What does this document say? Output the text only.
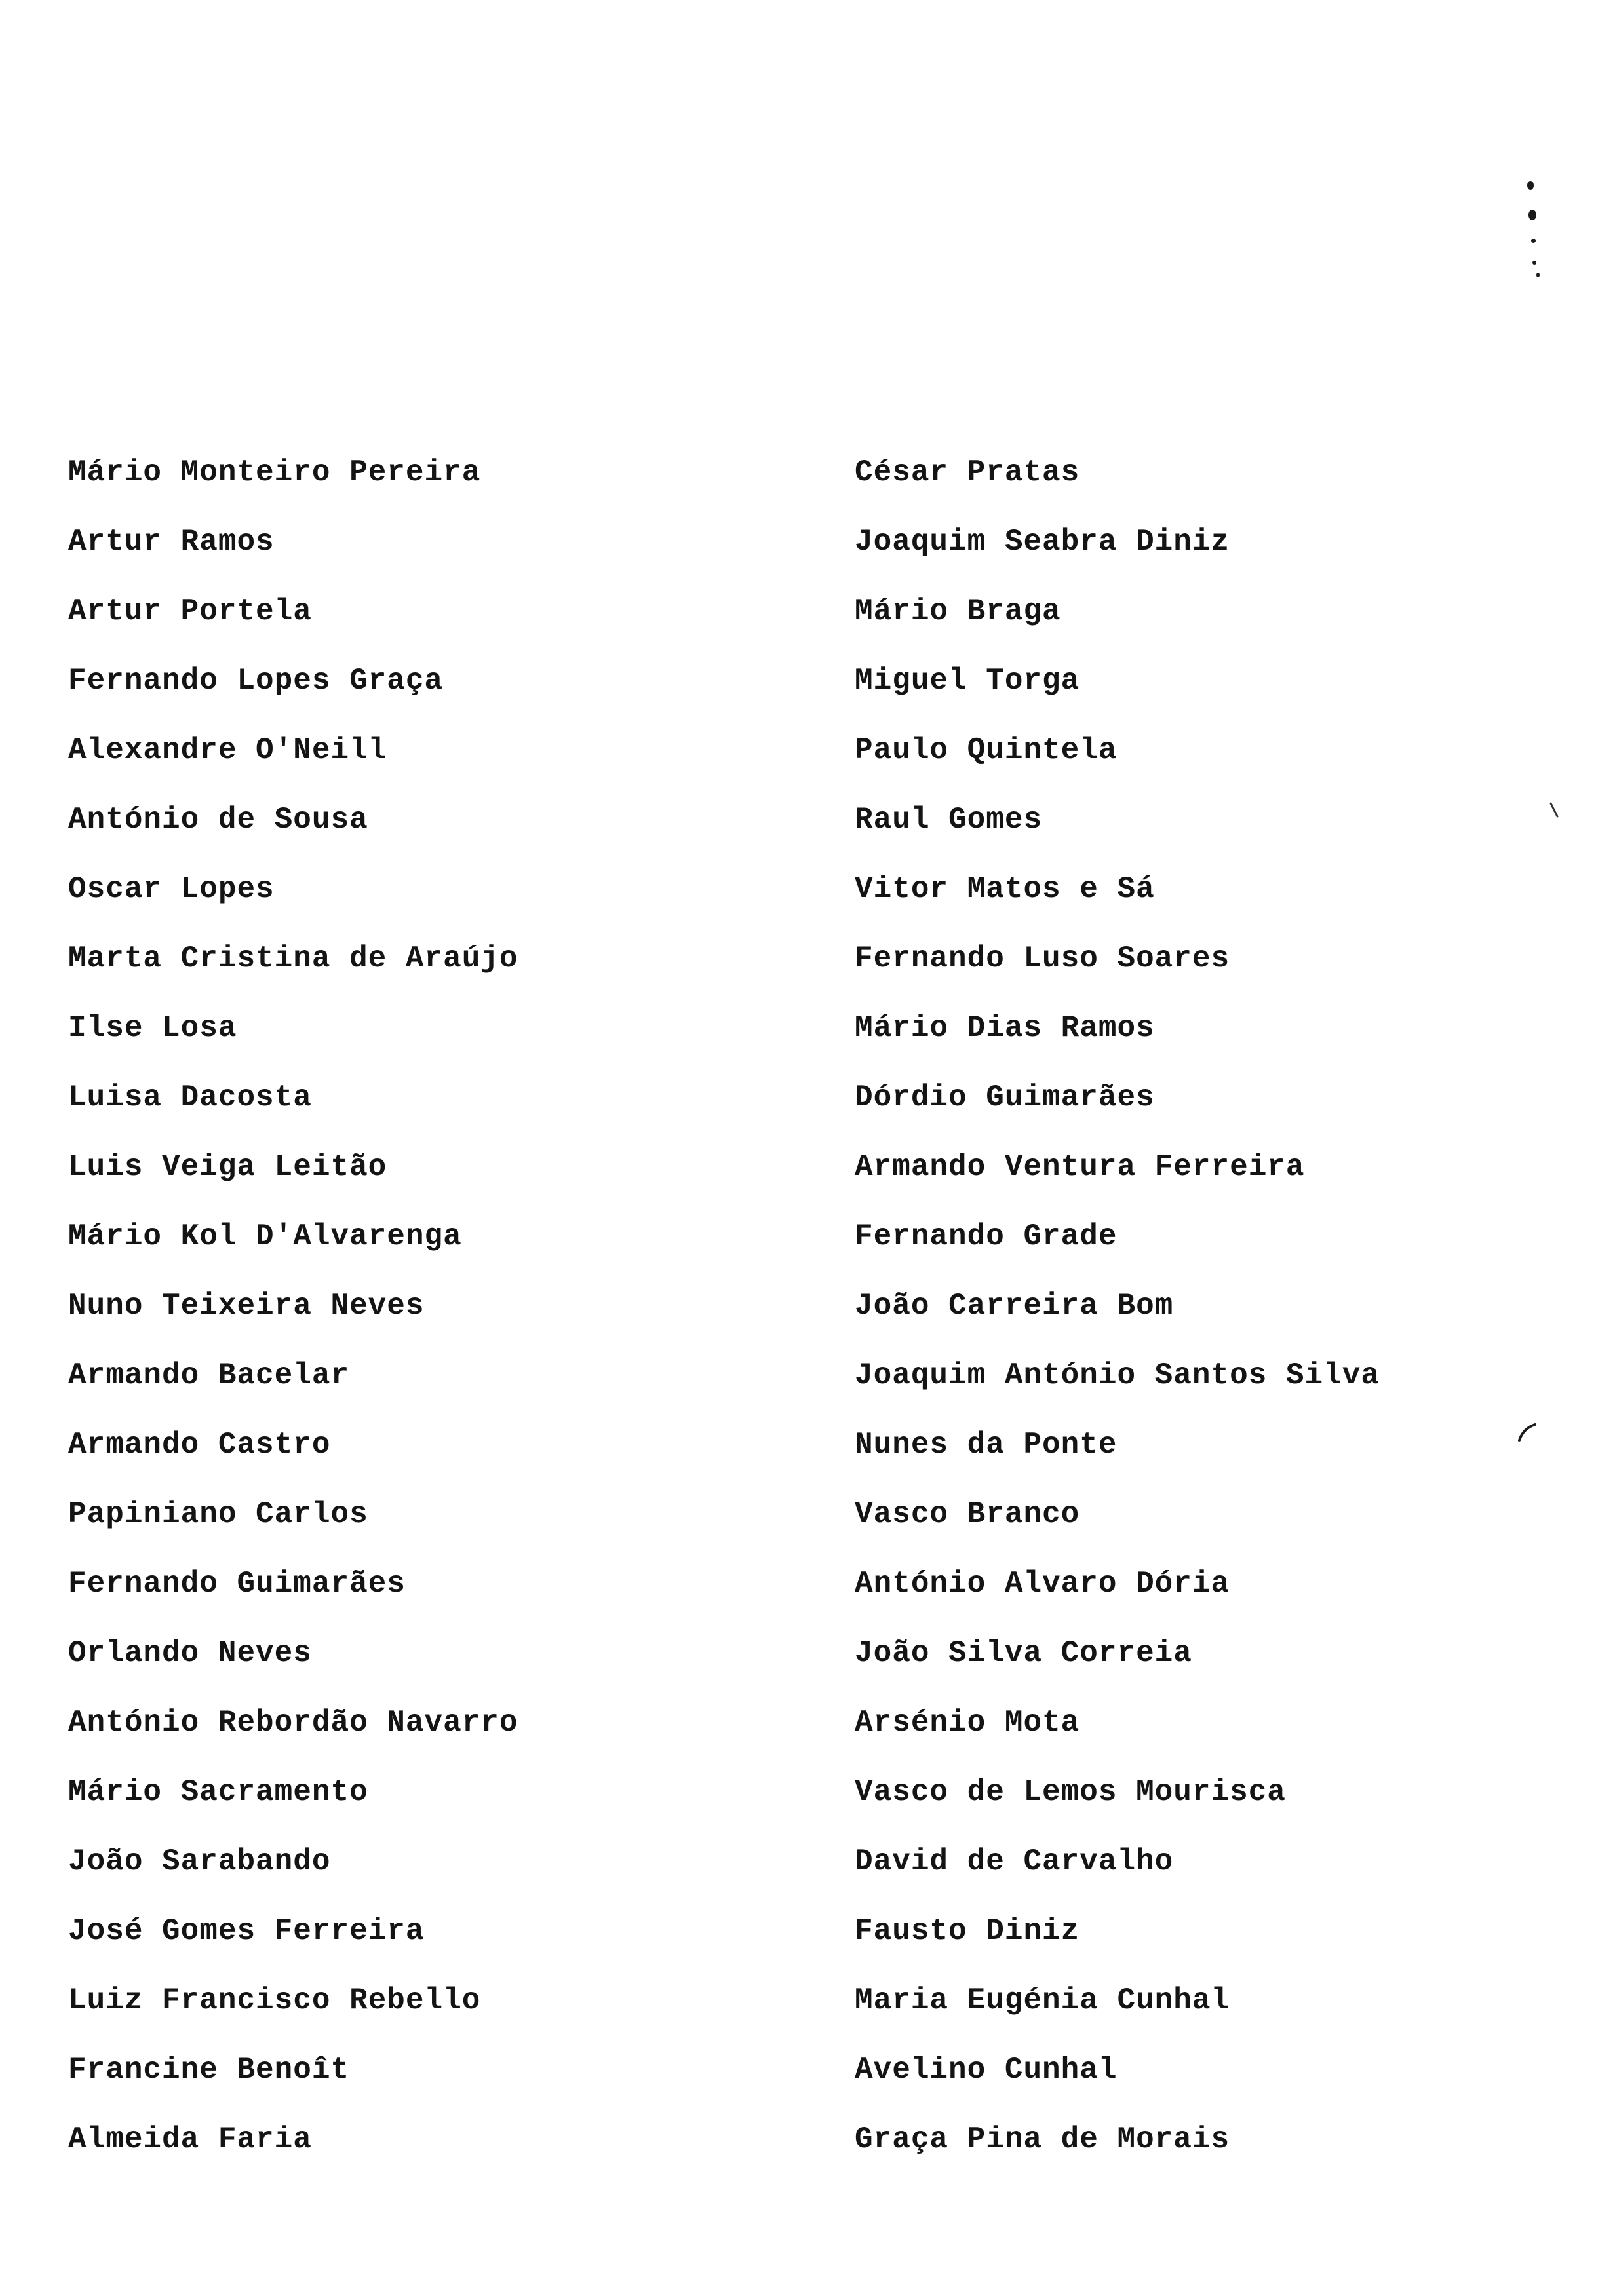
Mário Monteiro Pereira
Artur Ramos
Artur Portela
Fernando Lopes Graça
Alexandre O'Neill
António de Sousa
Oscar Lopes
Marta Cristina de Araújo
Ilse Losa
Luisa Dacosta
Luis Veiga Leitão
Mário Kol D'Alvarenga
Nuno Teixeira Neves
Armando Bacelar
Armando Castro
Papiniano Carlos
Fernando Guimarães
Orlando Neves
António Rebordão Navarro
Mário Sacramento
João Sarabando
José Gomes Ferreira
Luiz Francisco Rebello
Francine Benoît
Almeida Faria
César Pratas
Joaquim Seabra Diniz
Mário Braga
Miguel Torga
Paulo Quintela
Raul Gomes
Vitor Matos e Sá
Fernando Luso Soares
Mário Dias Ramos
Dórdio Guimarães
Armando Ventura Ferreira
Fernando Grade
João Carreira Bom
Joaquim António Santos Silva
Nunes da Ponte
Vasco Branco
António Alvaro Dória
João Silva Correia
Arsénio Mota
Vasco de Lemos Mourisca
David de Carvalho
Fausto Diniz
Maria Eugénia Cunhal
Avelino Cunhal
Graça Pina de Morais
